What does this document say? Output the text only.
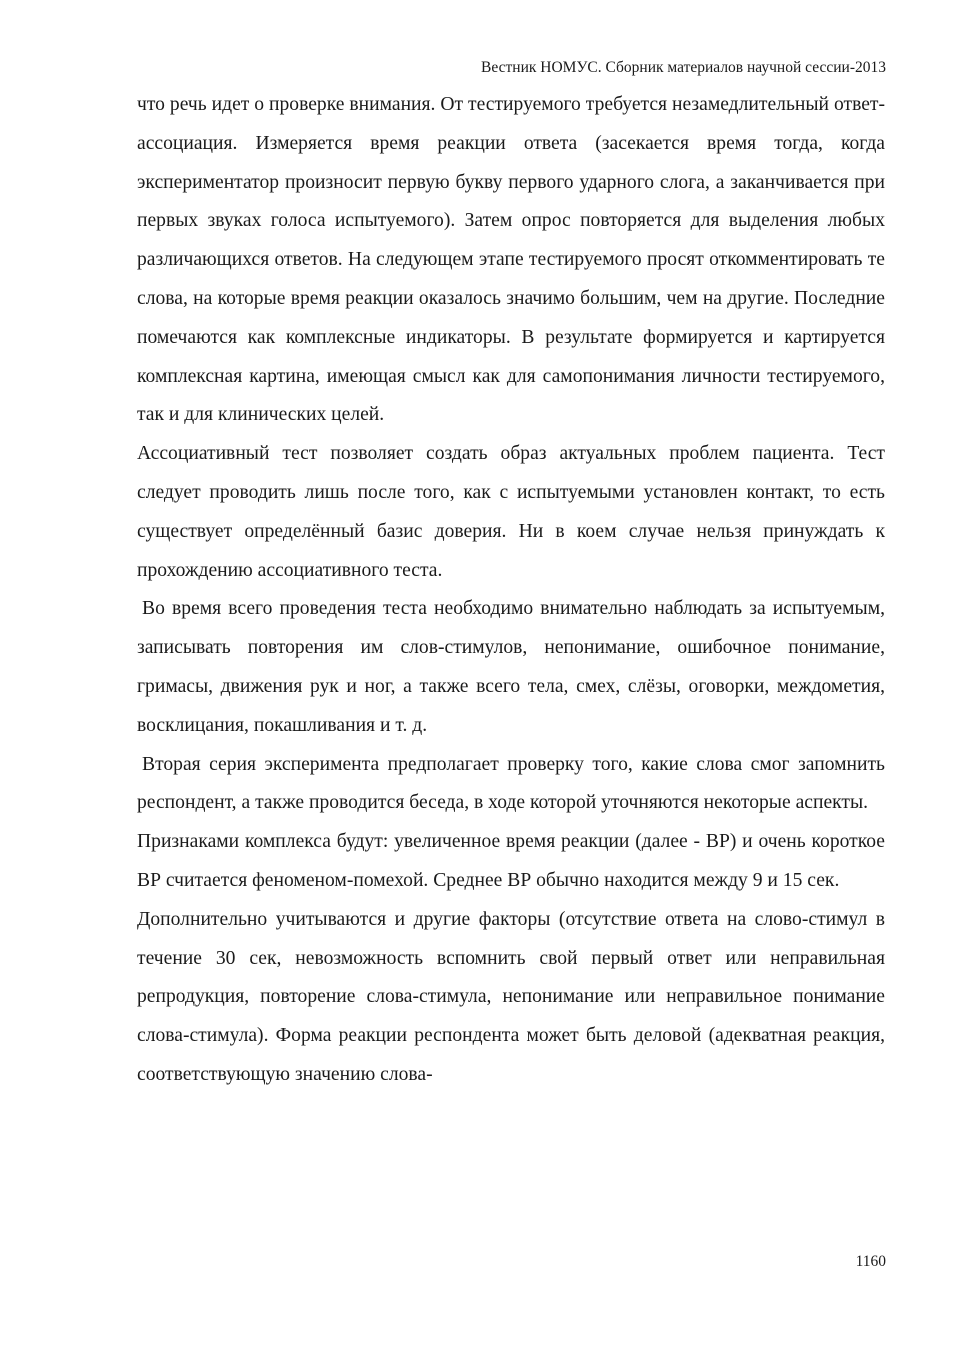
Вестник НОМУС. Сборник материалов научной сессии-2013

что речь идет о проверке внимания. От тестируемого требуется незамедлительный ответ-ассоциация. Измеряется время реакции ответа (засекается время тогда, когда экспериментатор произносит первую букву первого ударного слога, а заканчивается при первых звуках голоса испытуемого). Затем опрос повторяется для выделения любых различающихся ответов. На следующем этапе тестируемого просят откомментировать те слова, на которые время реакции оказалось значимо большим, чем на другие. Последние помечаются как комплексные индикаторы. В результате формируется и картируется комплексная картина, имеющая смысл как для самопонимания личности тестируемого, так и для клинических целей.

Ассоциативный тест позволяет создать образ актуальных проблем пациента. Тест следует проводить лишь после того, как с испытуемыми установлен контакт, то есть существует определённый базис доверия. Ни в коем случае нельзя принуждать к прохождению ассоциативного теста.

Во время всего проведения теста необходимо внимательно наблюдать за испытуемым, записывать повторения им слов-стимулов, непонимание, ошибочное понимание, гримасы, движения рук и ног, а также всего тела, смех, слёзы, оговорки, междометия, восклицания, покашливания и т. д.

Вторая серия эксперимента предполагает проверку того, какие слова смог запомнить респондент, а также проводится беседа, в ходе которой уточняются некоторые аспекты.

Признаками комплекса будут: увеличенное время реакции (далее - ВР) и очень короткое ВР считается феноменом-помехой. Среднее ВР обычно находится между 9 и 15 сек.

Дополнительно учитываются и другие факторы (отсутствие ответа на слово-стимул в течение 30 сек, невозможность вспомнить свой первый ответ или неправильная репродукция, повторение слова-стимула, непонимание или неправильное понимание слова-стимула). Форма реакции респондента может быть деловой (адекватная реакция, соответствующую значению слова-

1160
